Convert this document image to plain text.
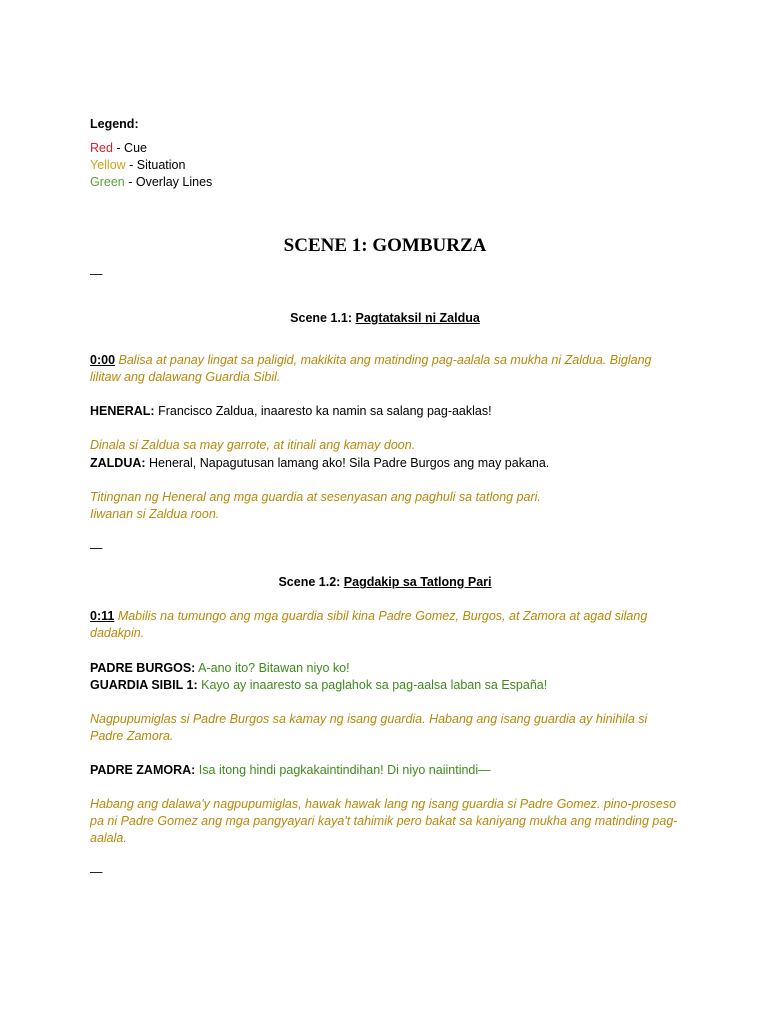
Legend:

Red - Cue

Yellow - Situation

Green - Overlay Lines

SCENE 1: GOMBURZA
—
Scene 1.1: Pagtataksil ni Zaldua
0:00 Balisa at panay lingat sa paligid, makikita ang matinding pag-aalala sa mukha ni Zaldua. Biglang lilitaw ang dalawang Guardia Sibil.
HENERAL: Francisco Zaldua, inaaresto ka namin sa salang pag-aaklas!
Dinala si Zaldua sa may garrote, at itinali ang kamay doon.
ZALDUA: Heneral, Napagutusan lamang ako! Sila Padre Burgos ang may pakana.
Titingnan ng Heneral ang mga guardia at sesenyasan ang paghuli sa tatlong pari.
Iiwanan si Zaldua roon.
—
Scene 1.2: Pagdakip sa Tatlong Pari
0:11 Mabilis na tumungo ang mga guardia sibil kina Padre Gomez, Burgos, at Zamora at agad silang dadakpin.
PADRE BURGOS: A-ano ito? Bitawan niyo ko!
GUARDIA SIBIL 1: Kayo ay inaaresto sa paglahok sa pag-aalsa laban sa España!
Nagpupumiglas si Padre Burgos sa kamay ng isang guardia. Habang ang isang guardia ay hinihila si Padre Zamora.
PADRE ZAMORA: Isa itong hindi pagkakaintindihan! Di niyo naiintindi—
Habang ang dalawa'y nagpupumiglas, hawak hawak lang ng isang guardia si Padre Gomez. pino-proseso pa ni Padre Gomez ang mga pangyayari kaya't tahimik pero bakat sa kaniyang mukha ang matinding pag-aalala.
—
